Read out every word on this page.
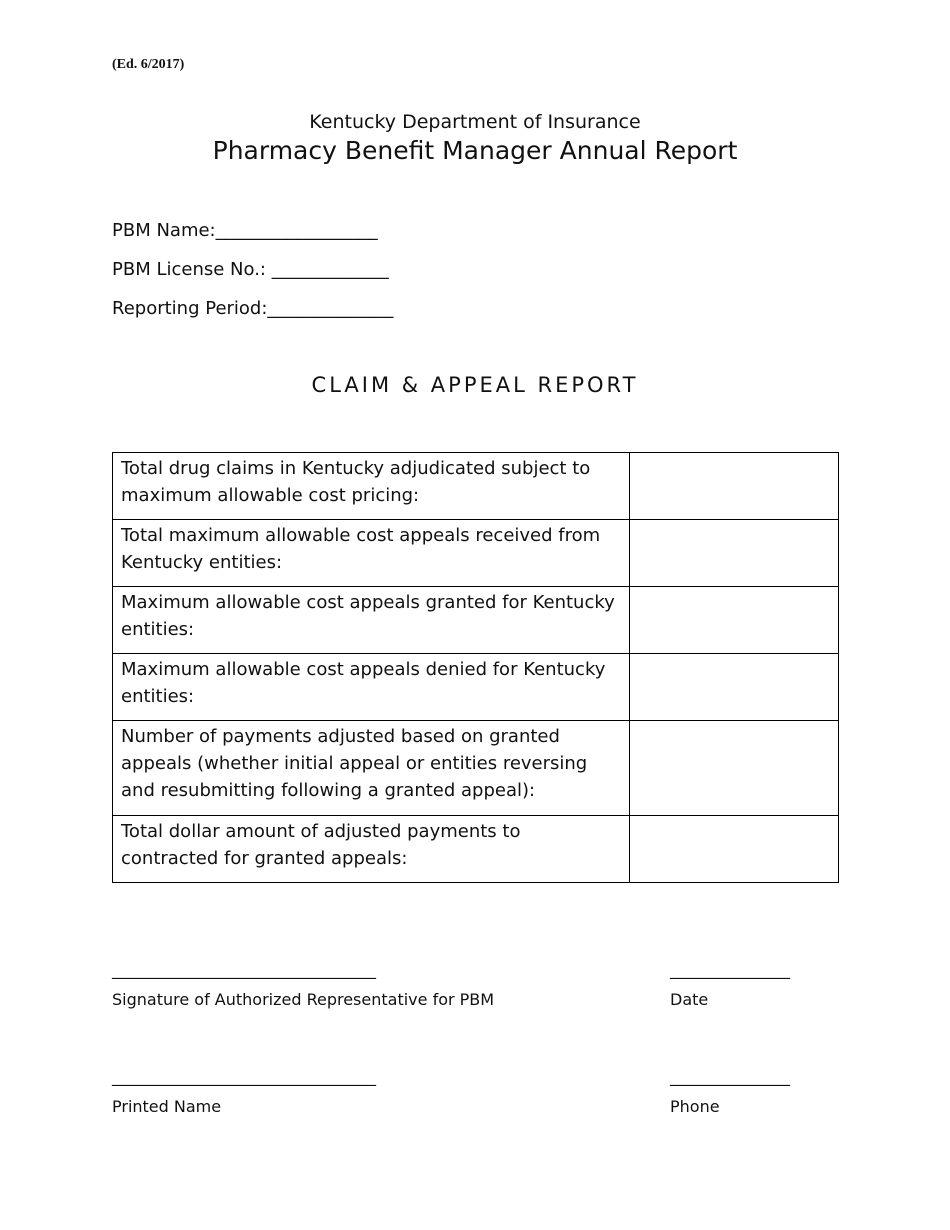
(Ed. 6/2017)
Kentucky Department of Insurance
Pharmacy Benefit Manager Annual Report
PBM Name:__________________
PBM License No.: _____________
Reporting Period:______________
CLAIM & APPEAL REPORT
Total drug claims in Kentucky adjudicated subject to maximum allowable cost pricing:	
Total maximum allowable cost appeals received from Kentucky entities:	
Maximum allowable cost appeals granted for Kentucky entities:	
Maximum allowable cost appeals denied for Kentucky entities:	
Number of payments adjusted based on granted appeals (whether initial appeal or entities reversing and resubmitting following a granted appeal):	
Total dollar amount of adjusted payments to contracted for granted appeals:	
_________________________________	_______________
Signature of Authorized Representative for PBM	Date
_________________________________	_______________
Printed Name	Phone
